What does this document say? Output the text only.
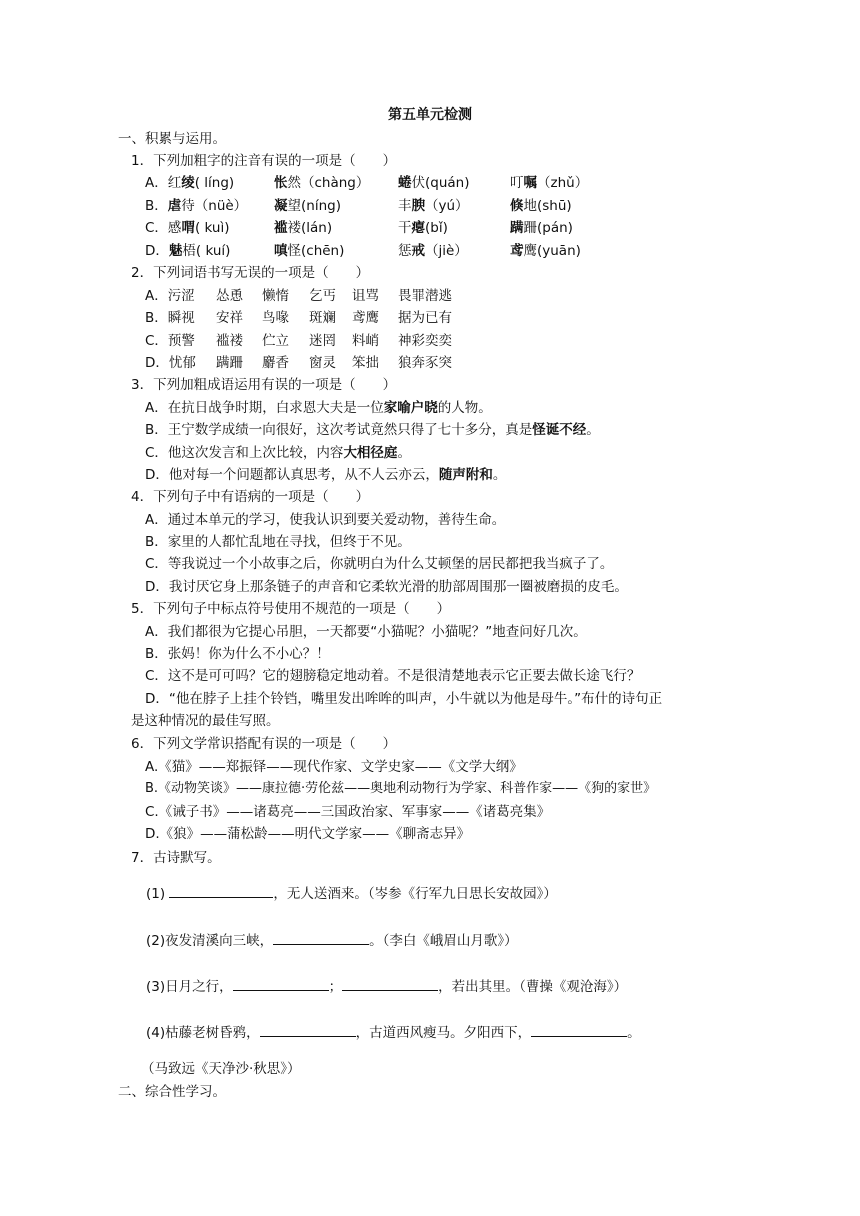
第五单元检测
一、积累与运用。
1．下列加粗字的注音有误的一项是（　　）
A．红绫( líng)	怅然（chàng） 蜷伏(quán)	叮嘱（zhǔ）
B．虐待（nüè） 凝望(níng)	丰腴（yú）	倏地(shū)
C．感喟( kuì)	褴褛(lán)	干瘪(bǐ)	蹒跚(pán)
D．魅梧( kuí)	嗔怪(chēn)	惩戒（jiè）	鸢鹰(yuān)
2．下列词语书写无误的一项是（　　）
A．污涩 怂恿 懒惰 乞丐 诅骂 畏罪潜逃
B．瞬视 安祥 鸟喙 斑斓 鸢鹰 据为已有
C．预警 褴褛 伫立 迷罔 料峭 神彩奕奕
D．忧郁 蹒跚 麝香 窗灵 笨拙 狼奔豕突
3．下列加粗成语运用有误的一项是（　　）
A．在抗日战争时期，白求恩大夫是一位家喻户晓的人物。
B．王宁数学成绩一向很好，这次考试竟然只得了七十多分，真是怪诞不经。
C．他这次发言和上次比较，内容大相径庭。
D．他对每一个问题都认真思考，从不人云亦云，随声附和。
4．下列句子中有语病的一项是（　　）
A．通过本单元的学习，使我认识到要关爱动物，善待生命。
B．家里的人都忙乱地在寻找，但终于不见。
C．等我说过一个小故事之后，你就明白为什么艾顿堡的居民都把我当疯子了。
D．我讨厌它身上那条链子的声音和它柔软光滑的肋部周围那一圈被磨损的皮毛。
5．下列句子中标点符号使用不规范的一项是（　　）
A．我们都很为它提心吊胆，一天都要“小猫呢？小猫呢？”地查问好几次。
B．张妈！你为什么不小心？！
C．这不是可可吗？它的翅膀稳定地动着。不是很清楚地表示它正要去做长途飞行？
D．“他在脖子上挂个铃铛，嘴里发出哞哞的叫声，小牛就以为他是母牛。”布什的诗句正
是这种情况的最佳写照。
6．下列文学常识搭配有误的一项是（　　）
A.《猫》——郑振铎——现代作家、文学史家——《文学大纲》
B.《动物笑谈》——康拉德·劳伦兹——奥地利动物行为学家、科普作家——《狗的家世》
C.《诫子书》——诸葛亮——三国政治家、军事家——《诸葛亮集》
D.《狼》——蒲松龄——明代文学家——《聊斋志异》
7．古诗默写。
(1)	，无人送酒来。（岑参《行军九日思长安故园》）
(2)夜发清溪向三峡，	。（李白《峨眉山月歌》）
(3)日月之行，	；	，若出其里。（曹操《观沧海》）
(4)枯藤老树昏鸦，	，古道西风瘦马。夕阳西下，	。
（马致远《天净沙·秋思》）
二、综合性学习。
